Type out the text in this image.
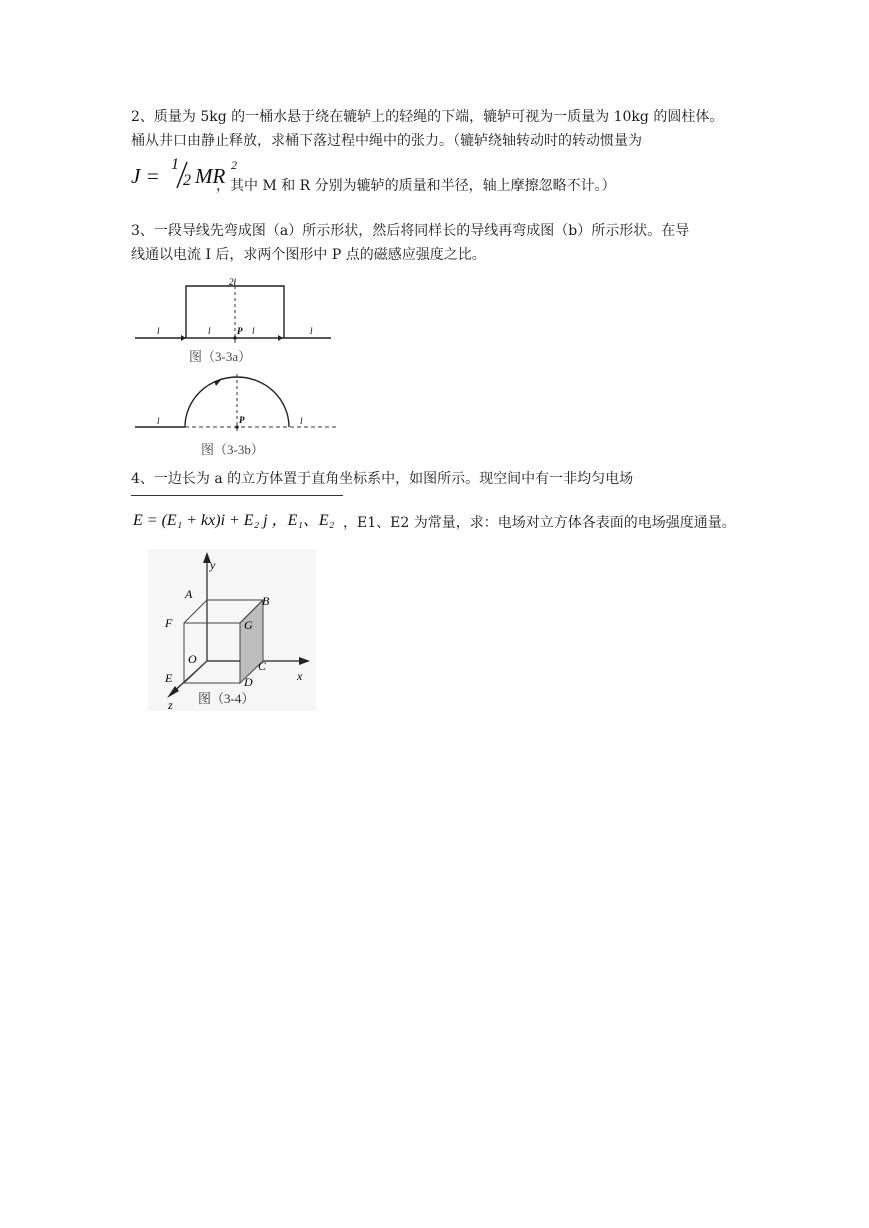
2、质量为 5kg 的一桶水悬于绕在辘轳上的轻绳的下端，辘轳可视为一质量为 10kg 的圆柱体。
桶从井口由静止释放，求桶下落过程中绳中的张力。（辘轳绕轴转动时的转动惯量为
J = 1
2 MR 2
，其中 M 和 R 分别为辘轳的质量和半径，轴上摩擦忽略不计。）
3、一段导线先弯成图（a）所示形状，然后将同样长的导线再弯成图（b）所示形状。在导
线通以电流 I 后，求两个图形中 P 点的磁感应强度之比。
2l
l	l	P l	l
图（3-3a）
l	P	l
图（3-3b）
4、一边长为 a 的立方体置于直角坐标系中，如图所示。现空间中有一非均匀电场
E = (E₁ + kx)i + E₂ j ，E₁、E₂ ，E1、E2 为常量，求：电场对立方体各表面的电场强度通量。
y
x
z
A	B
F	G
O	C
E	D
图（3-4）
